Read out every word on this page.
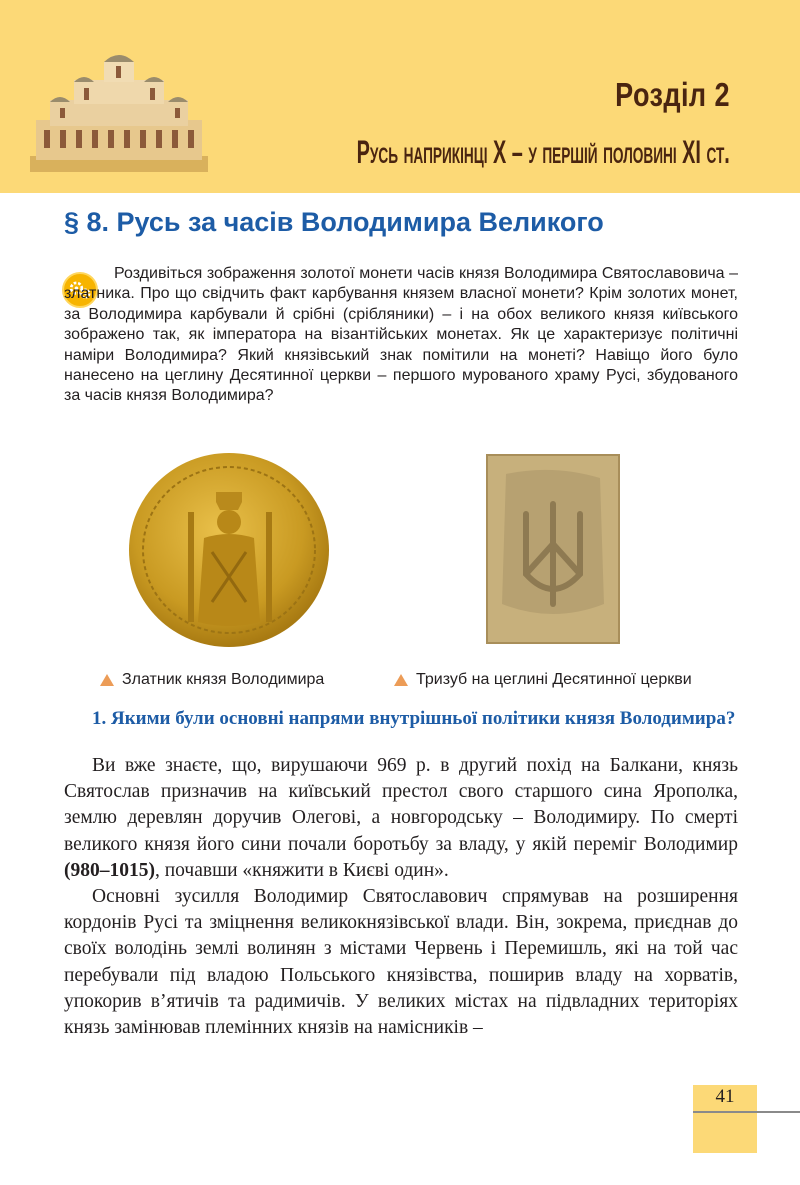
Розділ 2
Русь наприкінці X – у першій половині XI ст.
§ 8. Русь за часів Володимира Великого

Роздивіться зображення золотої монети часів князя Володимира Святославовича – златника. Про що свідчить факт карбування князем власної монети? Крім золотих монет, за Володимира карбували й срібні (срібляники) – і на обох великого князя київського зображено так, як імператора на візантійських монетах. Як це характеризує політичні наміри Володимира? Який князівський знак помітили на монеті? Навіщо його було нанесено на цеглину Десятинної церкви – першого мурованого храму Русі, збудованого за часів князя Володимира?

Златник князя Володимира	Тризуб на цеглині Десятинної церкви
1. Якими були основні напрями внутрішньої політики князя Володимира?

Ви вже знаєте, що, вирушаючи 969 р. в другий похід на Балкани, князь Святослав призначив на київський престол свого старшого сина Ярополка, землю деревлян доручив Олегові, а новгородську – Володимиру. По смерті великого князя його сини почали боротьбу за владу, у якій переміг Володимир (980–1015), почавши «княжити в Києві один».

Основні зусилля Володимир Святославович спрямував на розширення кордонів Русі та зміцнення великокнязівської влади. Він, зокрема, приєднав до своїх володінь землі волинян з містами Червень і Перемишль, які на той час перебували під владою Польського князівства, поширив владу на хорватів, упокорив в’ятичів та радимичів. У великих містах на підвладних територіях князь замінював племінних князів на намісників –

41
